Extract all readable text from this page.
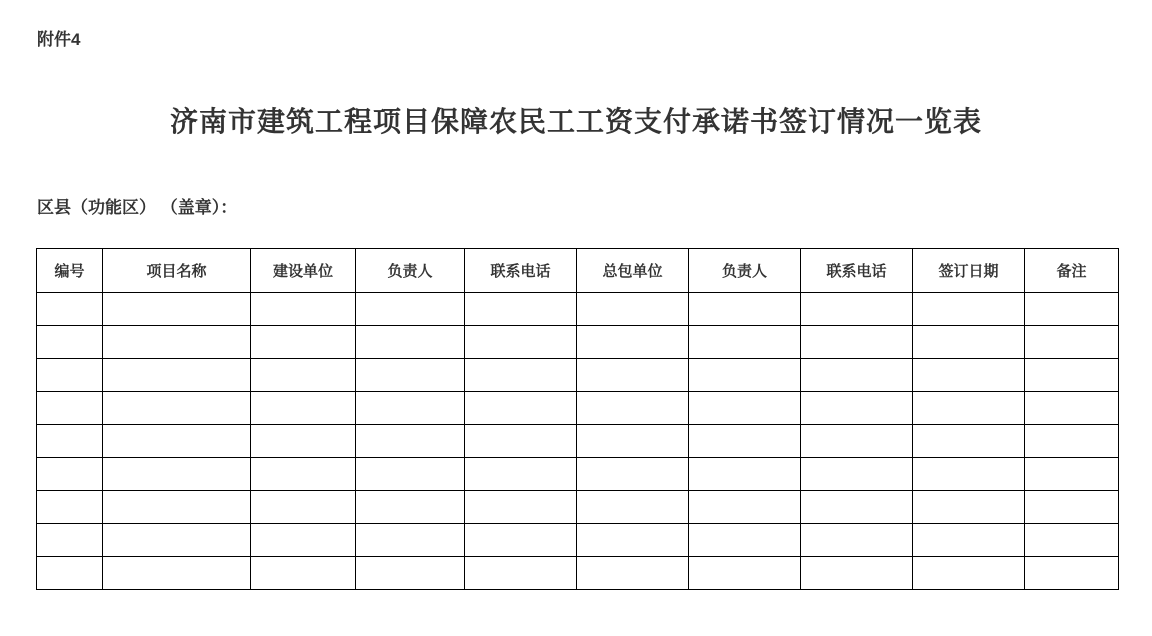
附件4
济南市建筑工程项目保障农民工工资支付承诺书签订情况一览表
区县（功能区） （盖章）：
编号	项目名称	建设单位	负责人	联系电话	总包单位	负责人	联系电话	签订日期	备注
